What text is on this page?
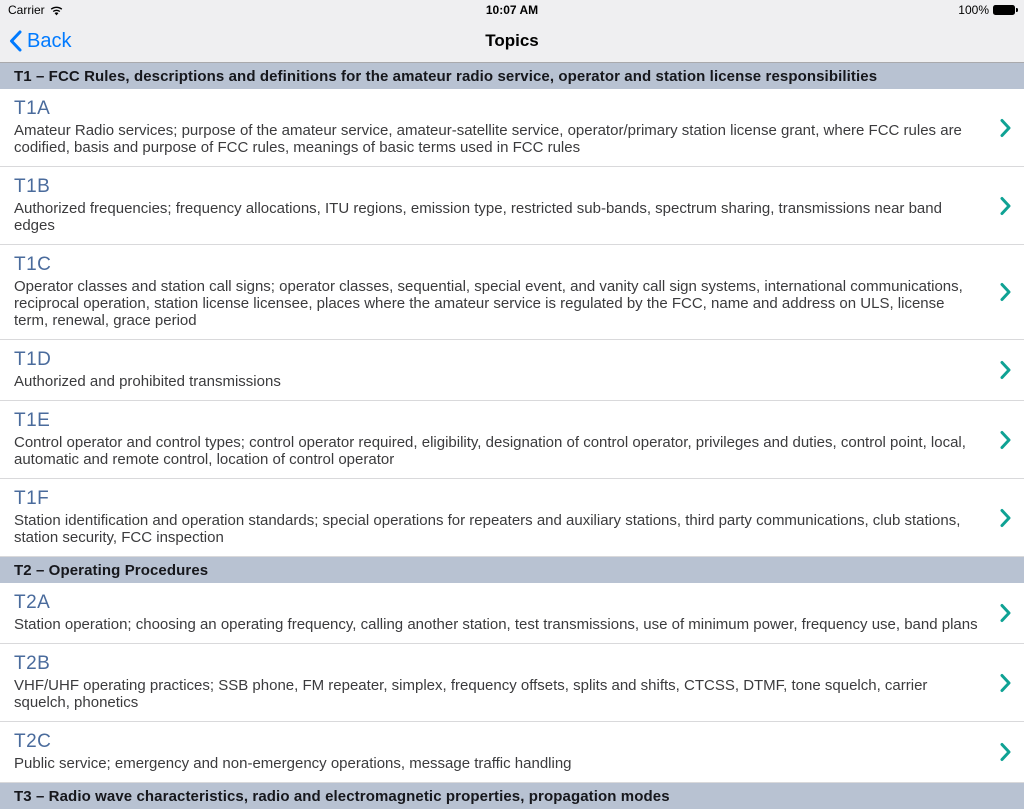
Carrier	10:07 AM	100%
Back	Topics
T1 – FCC Rules, descriptions and definitions for the amateur radio service, operator and station license responsibilities
T1A
Amateur Radio services; purpose of the amateur service, amateur-satellite service, operator/primary station license grant, where FCC rules are codified, basis and purpose of FCC rules, meanings of basic terms used in FCC rules
T1B
Authorized frequencies; frequency allocations, ITU regions, emission type, restricted sub-bands, spectrum sharing, transmissions near band edges
T1C
Operator classes and station call signs; operator classes, sequential, special event, and vanity call sign systems, international communications, reciprocal operation, station license licensee, places where the amateur service is regulated by the FCC, name and address on ULS, license term, renewal, grace period
T1D
Authorized and prohibited transmissions
T1E
Control operator and control types; control operator required, eligibility, designation of control operator, privileges and duties, control point, local, automatic and remote control, location of control operator
T1F
Station identification and operation standards; special operations for repeaters and auxiliary stations, third party communications, club stations, station security, FCC inspection
T2 – Operating Procedures
T2A
Station operation; choosing an operating frequency, calling another station, test transmissions, use of minimum power, frequency use, band plans
T2B
VHF/UHF operating practices; SSB phone, FM repeater, simplex, frequency offsets, splits and shifts, CTCSS, DTMF, tone squelch, carrier squelch, phonetics
T2C
Public service; emergency and non-emergency operations, message traffic handling
T3 – Radio wave characteristics, radio and electromagnetic properties, propagation modes
